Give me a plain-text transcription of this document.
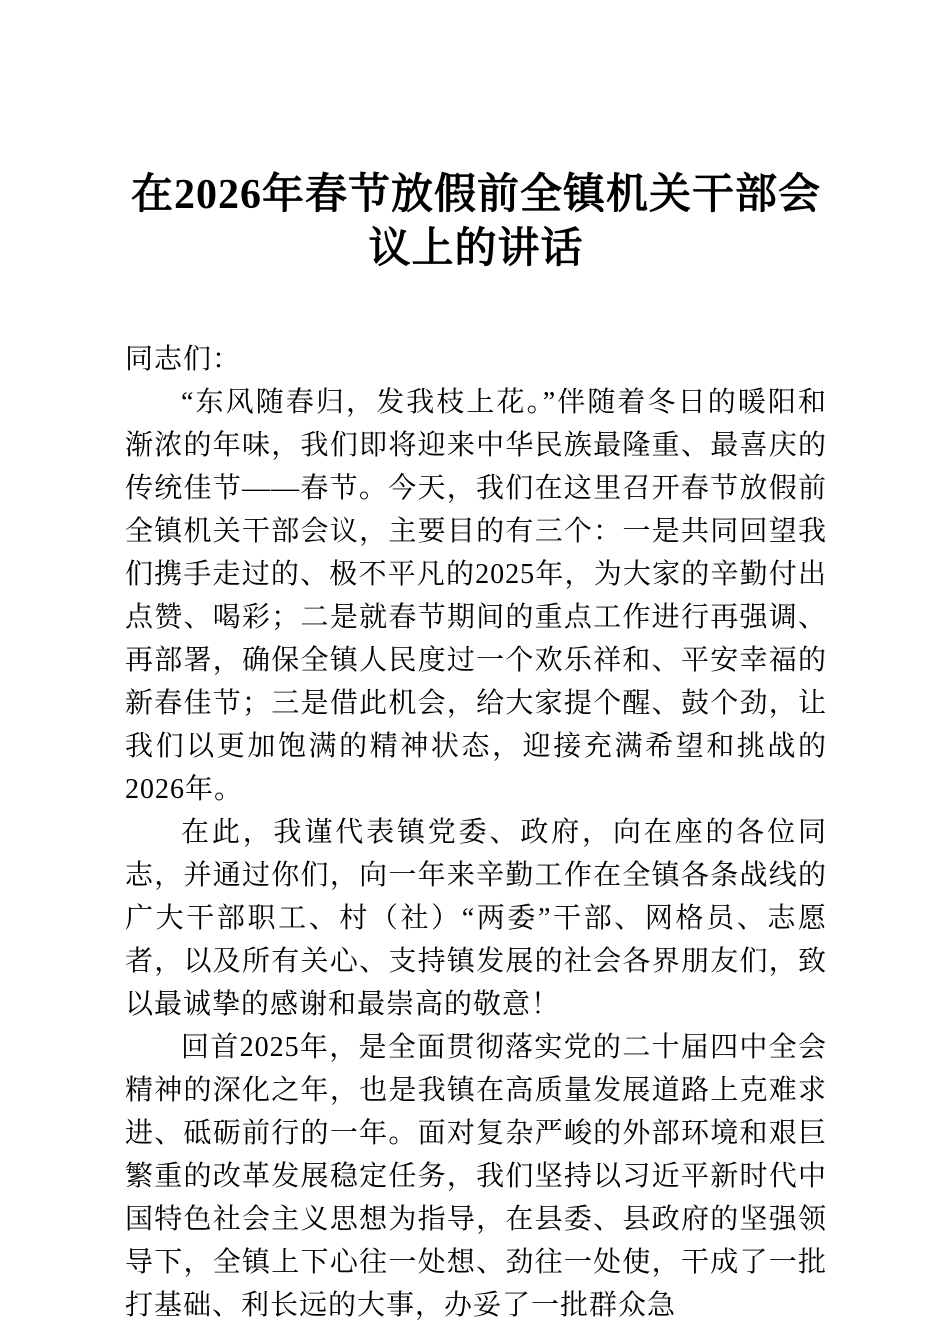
在2026年春节放假前全镇机关干部会议上的讲话

同志们：

“东风随春归，发我枝上花。”伴随着冬日的暖阳和渐浓的年味，我们即将迎来中华民族最隆重、最喜庆的传统佳节——春节。今天，我们在这里召开春节放假前全镇机关干部会议，主要目的有三个：一是共同回望我们携手走过的、极不平凡的2025年，为大家的辛勤付出点赞、喝彩；二是就春节期间的重点工作进行再强调、再部署，确保全镇人民度过一个欢乐祥和、平安幸福的新春佳节；三是借此机会，给大家提个醒、鼓个劲，让我们以更加饱满的精神状态，迎接充满希望和挑战的2026年。

在此，我谨代表镇党委、政府，向在座的各位同志，并通过你们，向一年来辛勤工作在全镇各条战线的广大干部职工、村（社）“两委”干部、网格员、志愿者，以及所有关心、支持镇发展的社会各界朋友们，致以最诚挚的感谢和最崇高的敬意！

回首2025年，是全面贯彻落实党的二十届四中全会精神的深化之年，也是我镇在高质量发展道路上克难求进、砥砺前行的一年。面对复杂严峻的外部环境和艰巨繁重的改革发展稳定任务，我们坚持以习近平新时代中国特色社会主义思想为指导，在县委、县政府的坚强领导下，全镇上下心往一处想、劲往一处使，干成了一批打基础、利长远的大事，办妥了一批群众急
